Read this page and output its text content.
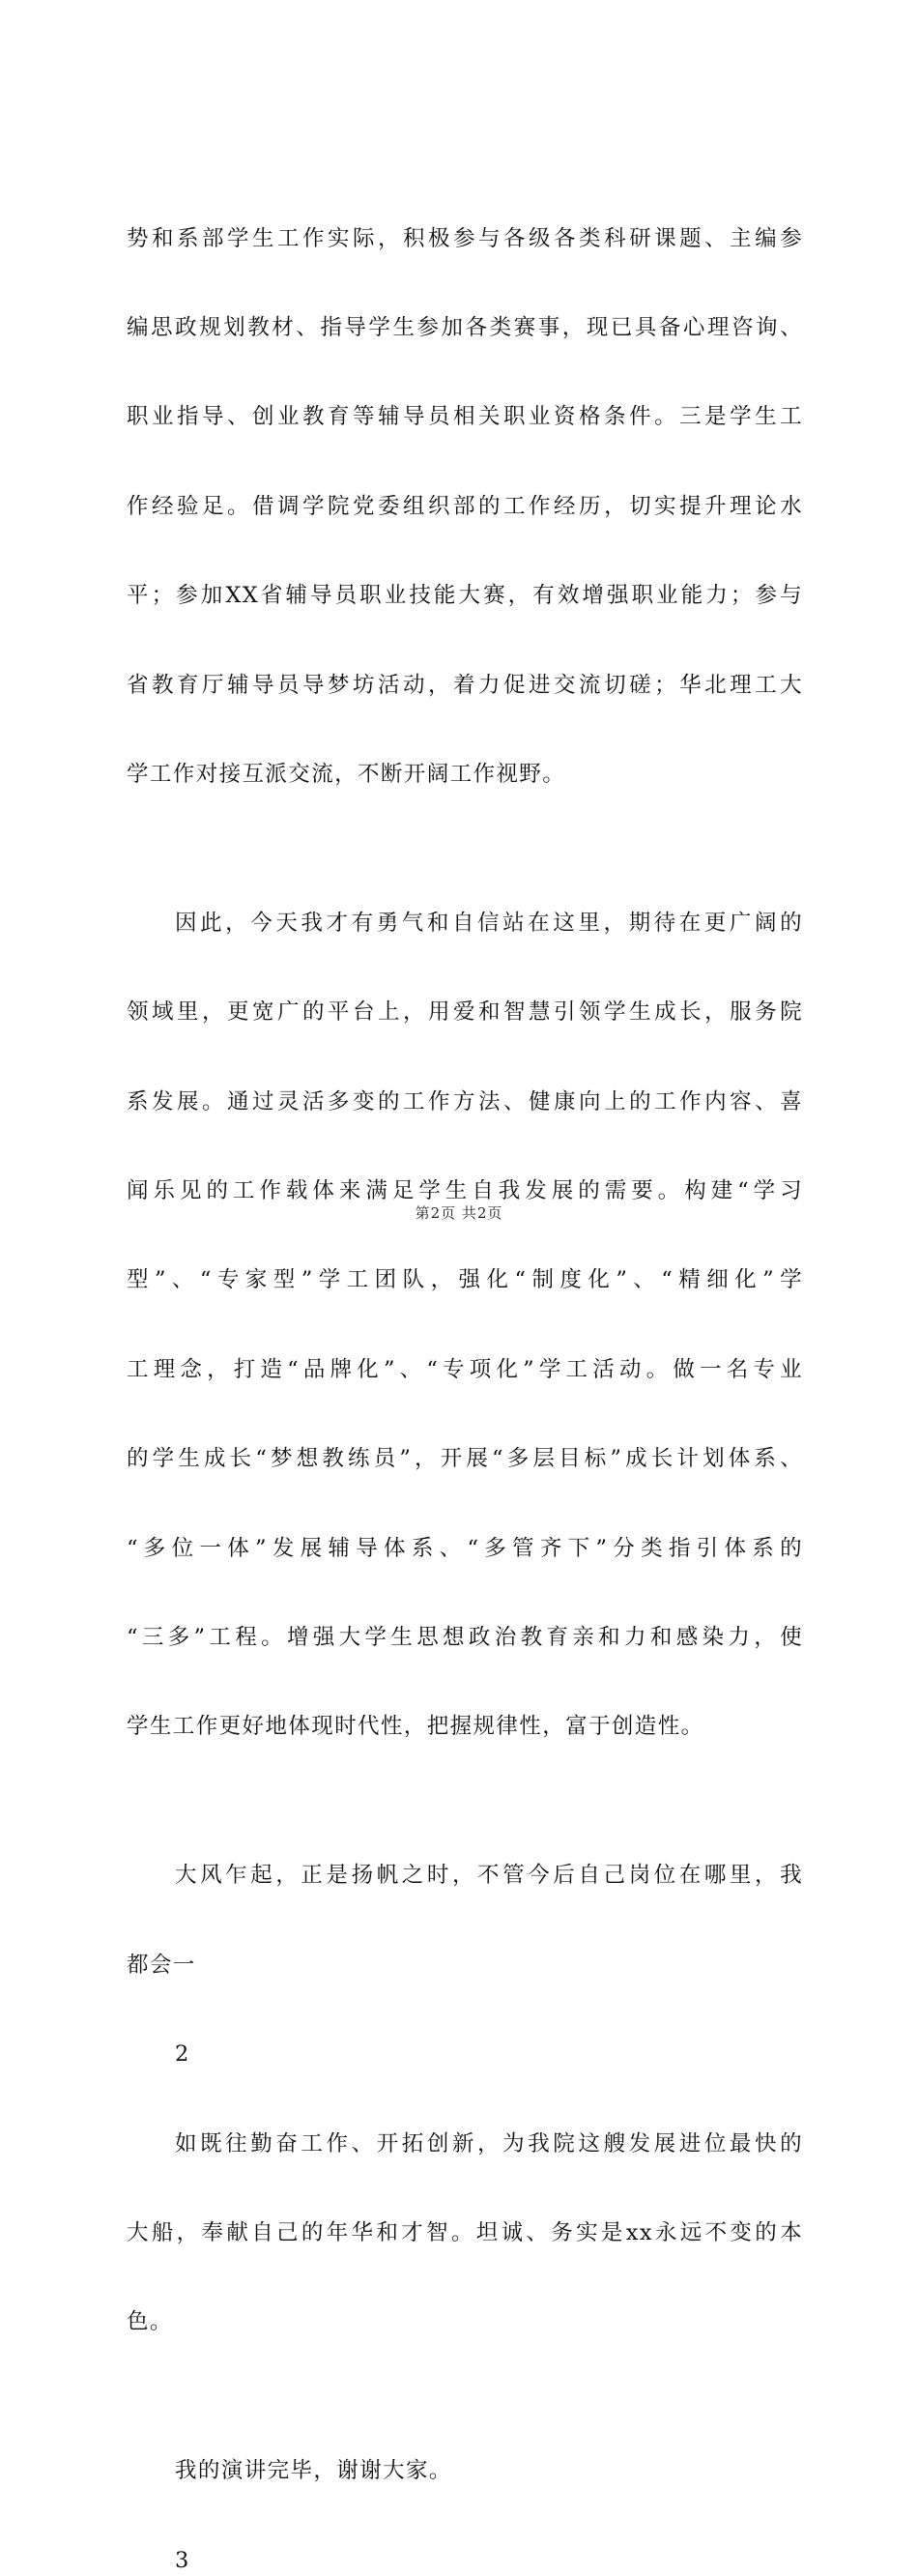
势和系部学生工作实际，积极参与各级各类科研课题、主编参

编思政规划教材、指导学生参加各类赛事，现已具备心理咨询、

职业指导、创业教育等辅导员相关职业资格条件。三是学生工

作经验足。借调学院党委组织部的工作经历，切实提升理论水

平；参加XX省辅导员职业技能大赛，有效增强职业能力；参与

省教育厅辅导员导梦坊活动，着力促进交流切磋；华北理工大

学工作对接互派交流，不断开阔工作视野。

因此，今天我才有勇气和自信站在这里，期待在更广阔的

领域里，更宽广的平台上，用爱和智慧引领学生成长，服务院

系发展。通过灵活多变的工作方法、健康向上的工作内容、喜

闻乐见的工作载体来满足学生自我发展的需要。构建“学习

型”、“专家型”学工团队，强化“制度化”、“精细化”学

工理念，打造“品牌化”、“专项化”学工活动。做一名专业

的学生成长“梦想教练员”，开展“多层目标”成长计划体系、

“多位一体”发展辅导体系、“多管齐下”分类指引体系的

“三多”工程。增强大学生思想政治教育亲和力和感染力，使

学生工作更好地体现时代性，把握规律性，富于创造性。

大风乍起，正是扬帆之时，不管今后自己岗位在哪里，我

都会一

2

如既往勤奋工作、开拓创新，为我院这艘发展进位最快的

大船，奉献自己的年华和才智。坦诚、务实是xx永远不变的本

色。

我的演讲完毕，谢谢大家。

3
第2页 共2页
